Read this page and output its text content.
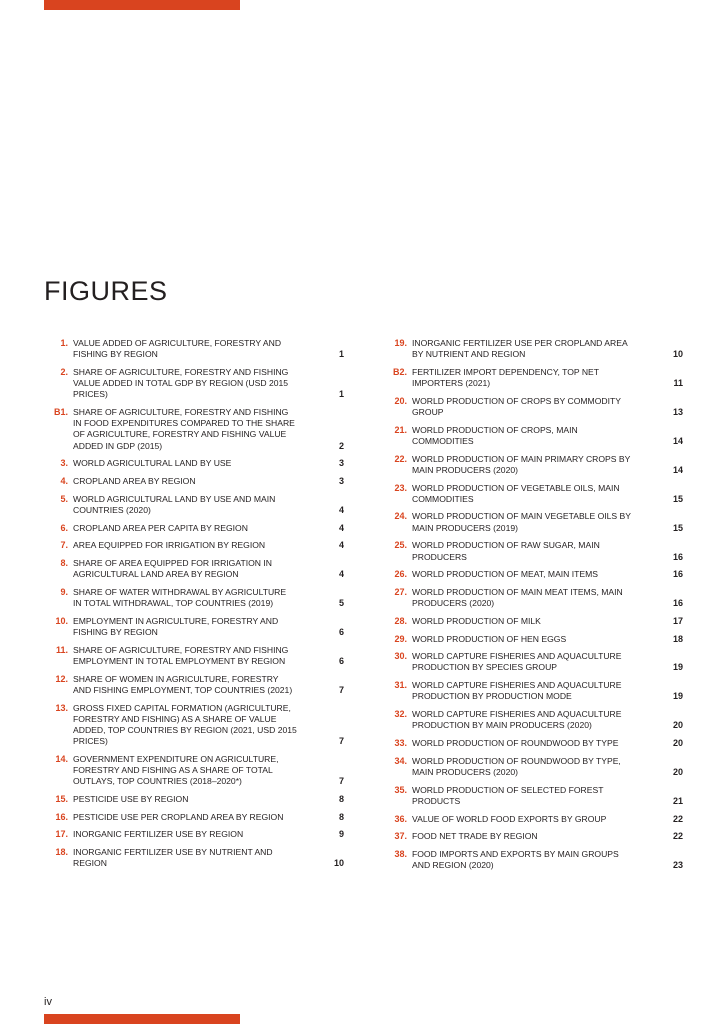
FIGURES
1. VALUE ADDED OF AGRICULTURE, FORESTRY AND FISHING BY REGION	1
2. SHARE OF AGRICULTURE, FORESTRY AND FISHING VALUE ADDED IN TOTAL GDP BY REGION (USD 2015 PRICES)	1
B1. SHARE OF AGRICULTURE, FORESTRY AND FISHING IN FOOD EXPENDITURES COMPARED TO THE SHARE OF AGRICULTURE, FORESTRY AND FISHING VALUE ADDED IN GDP (2015)	2
3. WORLD AGRICULTURAL LAND BY USE	3
4. CROPLAND AREA BY REGION	3
5. WORLD AGRICULTURAL LAND BY USE AND MAIN COUNTRIES (2020)	4
6. CROPLAND AREA PER CAPITA BY REGION	4
7. AREA EQUIPPED FOR IRRIGATION BY REGION	4
8. SHARE OF AREA EQUIPPED FOR IRRIGATION IN AGRICULTURAL LAND AREA BY REGION	4
9. SHARE OF WATER WITHDRAWAL BY AGRICULTURE IN TOTAL WITHDRAWAL, TOP COUNTRIES (2019)	5
10. EMPLOYMENT IN AGRICULTURE, FORESTRY AND FISHING BY REGION	6
11. SHARE OF AGRICULTURE, FORESTRY AND FISHING EMPLOYMENT IN TOTAL EMPLOYMENT BY REGION	6
12. SHARE OF WOMEN IN AGRICULTURE, FORESTRY AND FISHING EMPLOYMENT, TOP COUNTRIES (2021)	7
13. GROSS FIXED CAPITAL FORMATION (AGRICULTURE, FORESTRY AND FISHING) AS A SHARE OF VALUE ADDED, TOP COUNTRIES BY REGION (2021, USD 2015 PRICES)	7
14. GOVERNMENT EXPENDITURE ON AGRICULTURE, FORESTRY AND FISHING AS A SHARE OF TOTAL OUTLAYS, TOP COUNTRIES (2018–2020*)	7
15. PESTICIDE USE BY REGION	8
16. PESTICIDE USE PER CROPLAND AREA BY REGION	8
17. INORGANIC FERTILIZER USE BY REGION	9
18. INORGANIC FERTILIZER USE BY NUTRIENT AND REGION	10
19. INORGANIC FERTILIZER USE PER CROPLAND AREA BY NUTRIENT AND REGION	10
B2. FERTILIZER IMPORT DEPENDENCY, TOP NET IMPORTERS (2021)	11
20. WORLD PRODUCTION OF CROPS BY COMMODITY GROUP	13
21. WORLD PRODUCTION OF CROPS, MAIN COMMODITIES	14
22. WORLD PRODUCTION OF MAIN PRIMARY CROPS BY MAIN PRODUCERS (2020)	14
23. WORLD PRODUCTION OF VEGETABLE OILS, MAIN COMMODITIES	15
24. WORLD PRODUCTION OF MAIN VEGETABLE OILS BY MAIN PRODUCERS (2019)	15
25. WORLD PRODUCTION OF RAW SUGAR, MAIN PRODUCERS	16
26. WORLD PRODUCTION OF MEAT, MAIN ITEMS	16
27. WORLD PRODUCTION OF MAIN MEAT ITEMS, MAIN PRODUCERS (2020)	16
28. WORLD PRODUCTION OF MILK	17
29. WORLD PRODUCTION OF HEN EGGS	18
30. WORLD CAPTURE FISHERIES AND AQUACULTURE PRODUCTION BY SPECIES GROUP	19
31. WORLD CAPTURE FISHERIES AND AQUACULTURE PRODUCTION BY PRODUCTION MODE	19
32. WORLD CAPTURE FISHERIES AND AQUACULTURE PRODUCTION BY MAIN PRODUCERS (2020)	20
33. WORLD PRODUCTION OF ROUNDWOOD BY TYPE	20
34. WORLD PRODUCTION OF ROUNDWOOD BY TYPE, MAIN PRODUCERS (2020)	20
35. WORLD PRODUCTION OF SELECTED FOREST PRODUCTS	21
36. VALUE OF WORLD FOOD EXPORTS BY GROUP	22
37. FOOD NET TRADE BY REGION	22
38. FOOD IMPORTS AND EXPORTS BY MAIN GROUPS AND REGION (2020)	23
iv
